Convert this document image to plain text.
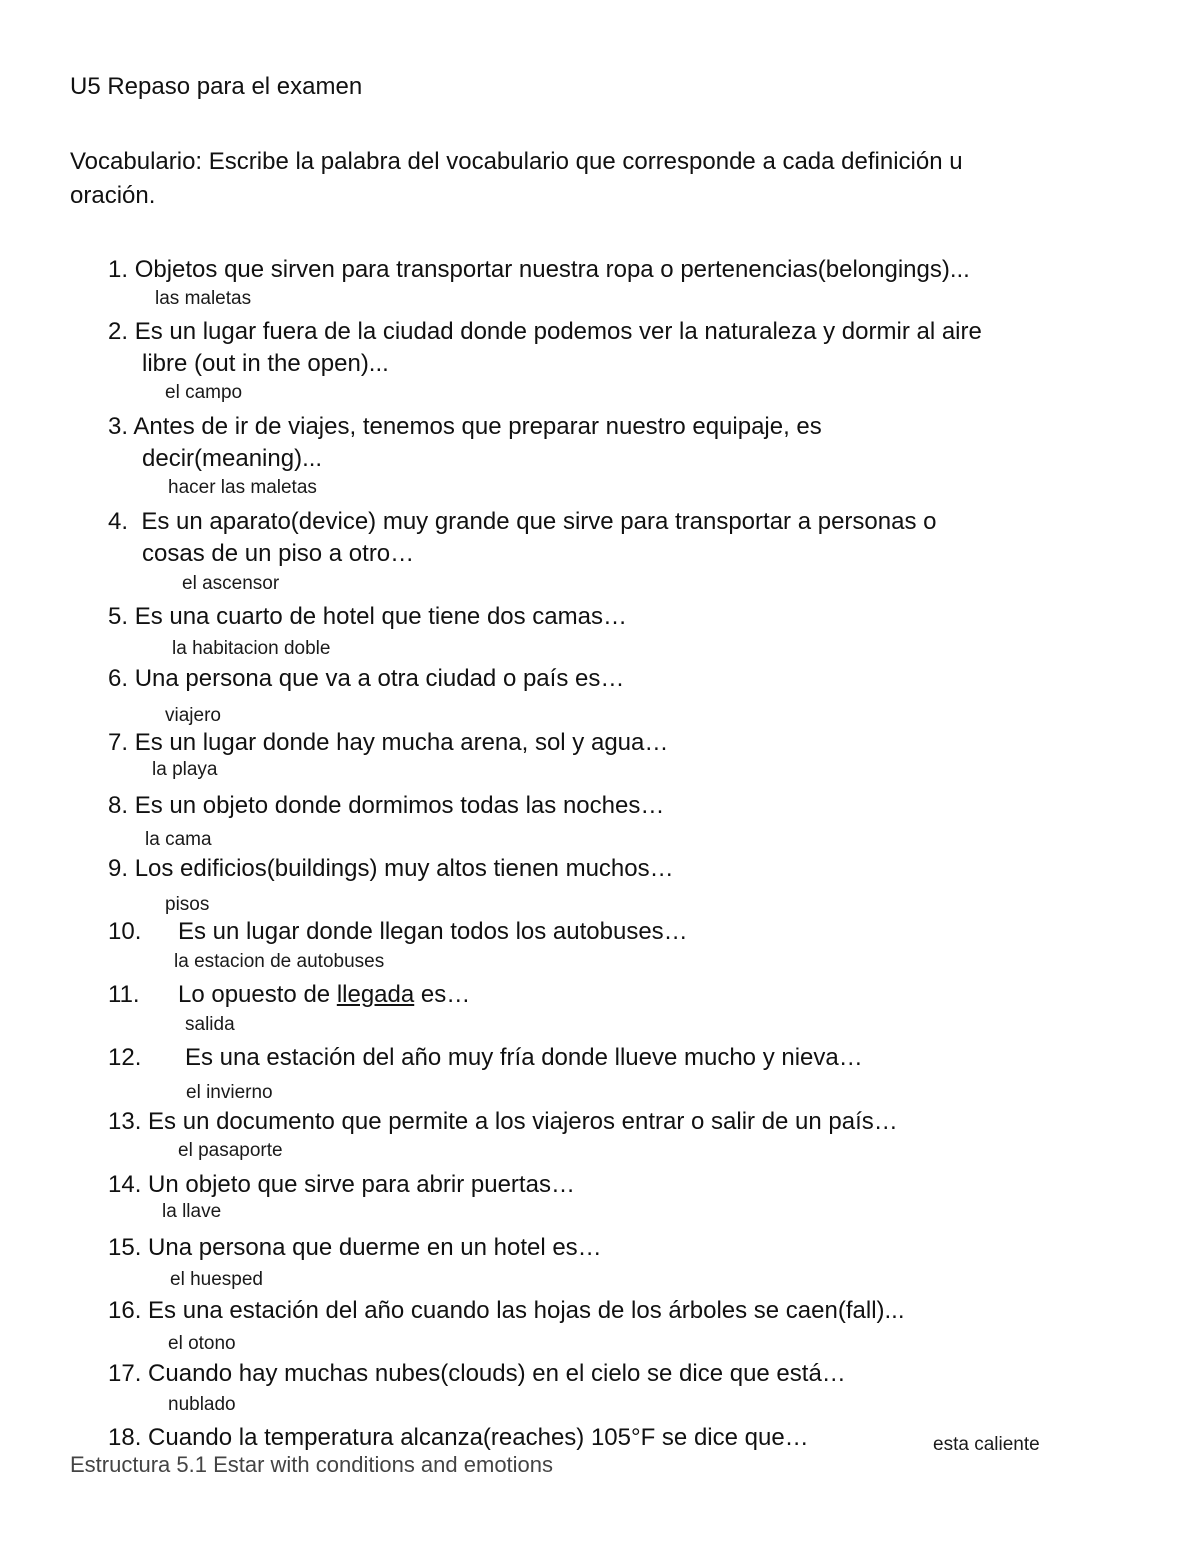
U5 Repaso para el examen
Vocabulario: Escribe la palabra del vocabulario que corresponde a cada definición u
oración.
1. Objetos que sirven para transportar nuestra ropa o pertenencias(belongings)...
las maletas
2. Es un lugar fuera de la ciudad donde podemos ver la naturaleza y dormir al aire
libre (out in the open)...
el campo
3. Antes de ir de viajes, tenemos que preparar nuestro equipaje, es
decir(meaning)...
hacer las maletas
4.  Es un aparato(device) muy grande que sirve para transportar a personas o
cosas de un piso a otro…
el ascensor
5. Es una cuarto de hotel que tiene dos camas…
la habitacion doble
6. Una persona que va a otra ciudad o país es…
viajero
7. Es un lugar donde hay mucha arena, sol y agua…
la playa
8. Es un objeto donde dormimos todas las noches…
la cama
9. Los edificios(buildings) muy altos tienen muchos…
pisos
10. Es un lugar donde llegan todos los autobuses…
la estacion de autobuses
11. Lo opuesto de llegada es…
salida
12. Es una estación del año muy fría donde llueve mucho y nieva…
el invierno
13. Es un documento que permite a los viajeros entrar o salir de un país…
el pasaporte
14. Un objeto que sirve para abrir puertas…
la llave
15. Una persona que duerme en un hotel es…
el huesped
16. Es una estación del año cuando las hojas de los árboles se caen(fall)...
el otono
17. Cuando hay muchas nubes(clouds) en el cielo se dice que está…
nublado
18. Cuando la temperatura alcanza(reaches) 105°F se dice que…	esta caliente
Estructura 5.1 Estar with conditions and emotions
